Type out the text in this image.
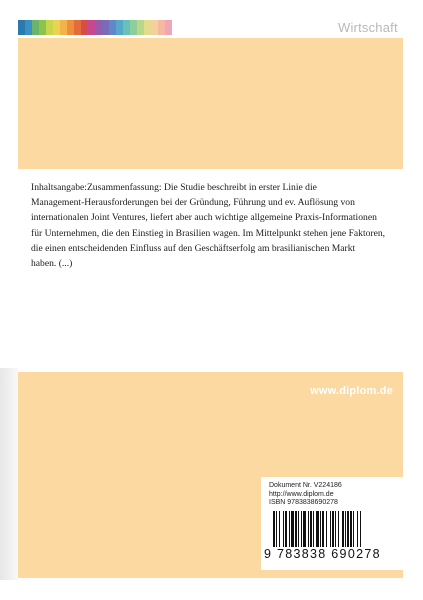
Wirtschaft
Inhaltsangabe:Zusammenfassung: Die Studie beschreibt in erster Linie die
Management-Herausforderungen bei der Gründung, Führung und ev. Auflösung von
internationalen Joint Ventures, liefert aber auch wichtige allgemeine Praxis-Informationen
für Unternehmen, die den Einstieg in Brasilien wagen. Im Mittelpunkt stehen jene Faktoren,
die einen entscheidenden Einfluss auf den Geschäftserfolg am brasilianischen Markt
haben. (...)
www.diplom.de
Dokument Nr. V224186
http://www.diplom.de
ISBN 9783838690278
9 783838 690278
